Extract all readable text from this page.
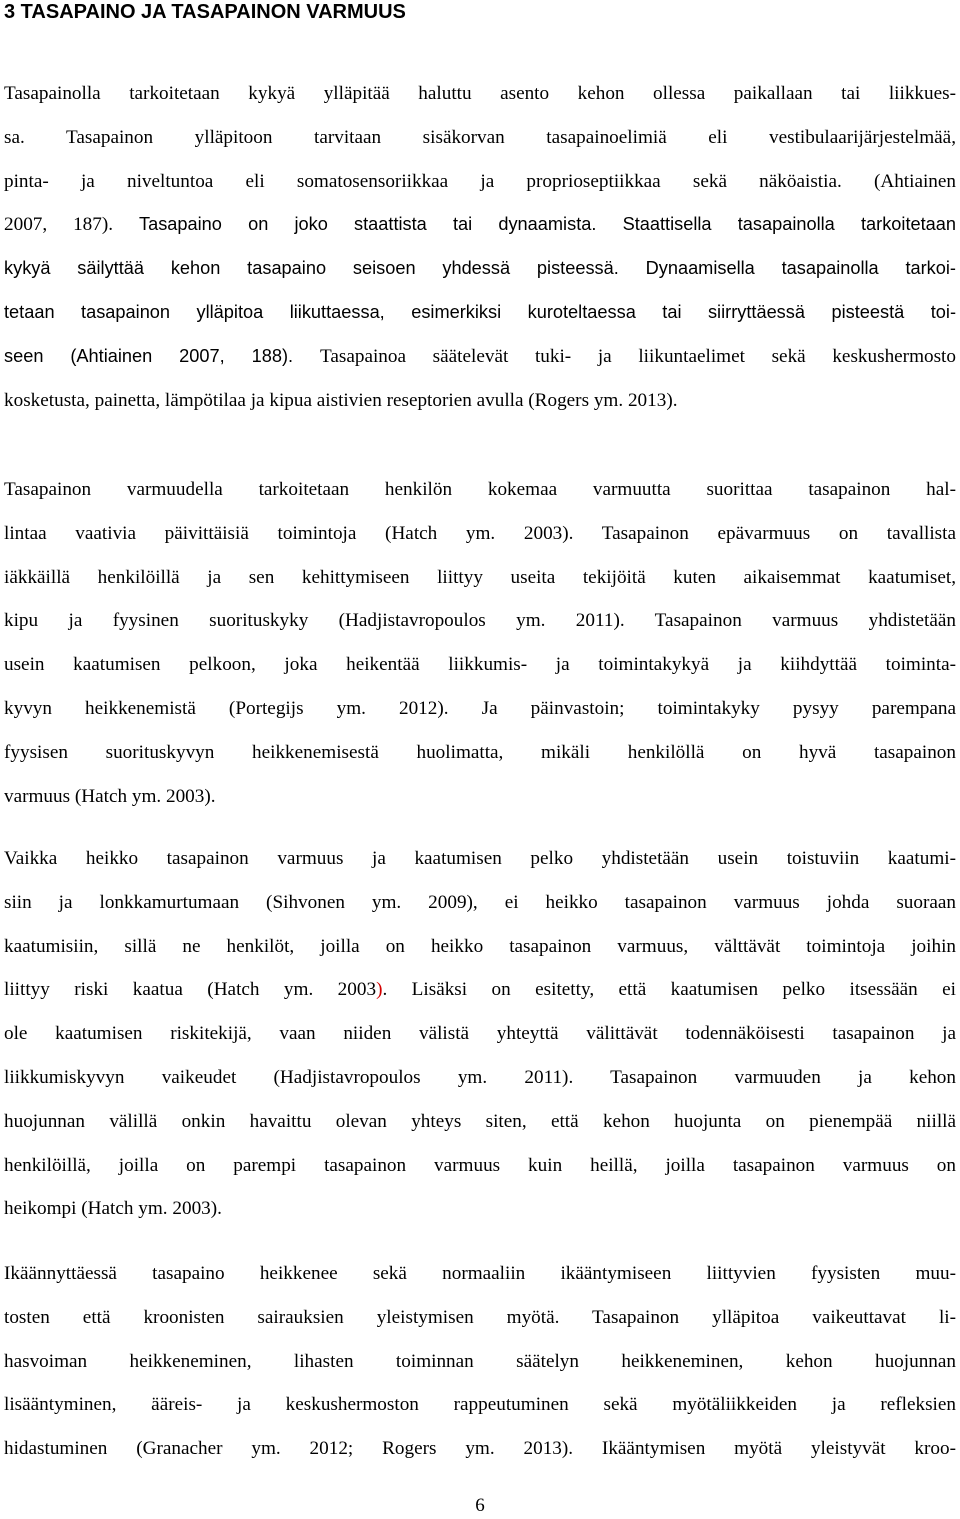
3 TASAPAINO JA TASAPAINON VARMUUS
Tasapainolla tarkoitetaan kykyä ylläpitää haluttu asento kehon ollessa paikallaan tai liikkues-
sa. Tasapainon ylläpitoon tarvitaan sisäkorvan tasapainoelimiä eli vestibulaarijärjestelmää,
pinta- ja niveltuntoa eli somatosensoriikkaa ja proprioseptiikkaa sekä näköaistia. (Ahtiainen
2007, 187). Tasapaino on joko staattista tai dynaamista. Staattisella tasapainolla tarkoitetaan
kykyä säilyttää kehon tasapaino seisoen yhdessä pisteessä. Dynaamisella tasapainolla tarkoi-
tetaan tasapainon ylläpitoa liikuttaessa, esimerkiksi kuroteltaessa tai siirryttäessä pisteestä toi-
seen (Ahtiainen 2007, 188). Tasapainoa säätelevät tuki- ja liikuntaelimet sekä keskushermosto
kosketusta, painetta, lämpötilaa ja kipua aistivien reseptorien avulla (Rogers ym. 2013).
Tasapainon varmuudella tarkoitetaan henkilön kokemaa varmuutta suorittaa tasapainon hal-
lintaa vaativia päivittäisiä toimintoja (Hatch ym. 2003). Tasapainon epävarmuus on tavallista
iäkkäillä henkilöillä ja sen kehittymiseen liittyy useita tekijöitä kuten aikaisemmat kaatumiset,
kipu ja fyysinen suorituskyky (Hadjistavropoulos ym. 2011). Tasapainon varmuus yhdistetään
usein kaatumisen pelkoon, joka heikentää liikkumis- ja toimintakykyä ja kiihdyttää toiminta-
kyvyn heikkenemistä (Portegijs ym. 2012). Ja päinvastoin; toimintakyky pysyy parempana
fyysisen suorituskyvyn heikkenemisestä huolimatta, mikäli henkilöllä on hyvä tasapainon
varmuus (Hatch ym. 2003).
Vaikka heikko tasapainon varmuus ja kaatumisen pelko yhdistetään usein toistuviin kaatumi-
siin ja lonkkamurtumaan (Sihvonen ym. 2009), ei heikko tasapainon varmuus johda suoraan
kaatumisiin, sillä ne henkilöt, joilla on heikko tasapainon varmuus, välttävät toimintoja joihin
liittyy riski kaatua (Hatch ym. 2003). Lisäksi on esitetty, että kaatumisen pelko itsessään ei
ole kaatumisen riskitekijä, vaan niiden välistä yhteyttä välittävät todennäköisesti tasapainon ja
liikkumiskyvyn vaikeudet (Hadjistavropoulos ym. 2011). Tasapainon varmuuden ja kehon
huojunnan välillä onkin havaittu olevan yhteys siten, että kehon huojunta on pienempää niillä
henkilöillä, joilla on parempi tasapainon varmuus kuin heillä, joilla tasapainon varmuus on
heikompi (Hatch ym. 2003).
Ikäännyttäessä tasapaino heikkenee sekä normaaliin ikääntymiseen liittyvien fyysisten muu-
tosten että kroonisten sairauksien yleistymisen myötä. Tasapainon ylläpitoa vaikeuttavat li-
hasvoiman heikkeneminen, lihasten toiminnan säätelyn heikkeneminen, kehon huojunnan
lisääntyminen, ääreis- ja keskushermoston rappeutuminen sekä myötäliikkeiden ja refleksien
hidastuminen (Granacher ym. 2012; Rogers ym. 2013). Ikääntymisen myötä yleistyvät kroo-

6
